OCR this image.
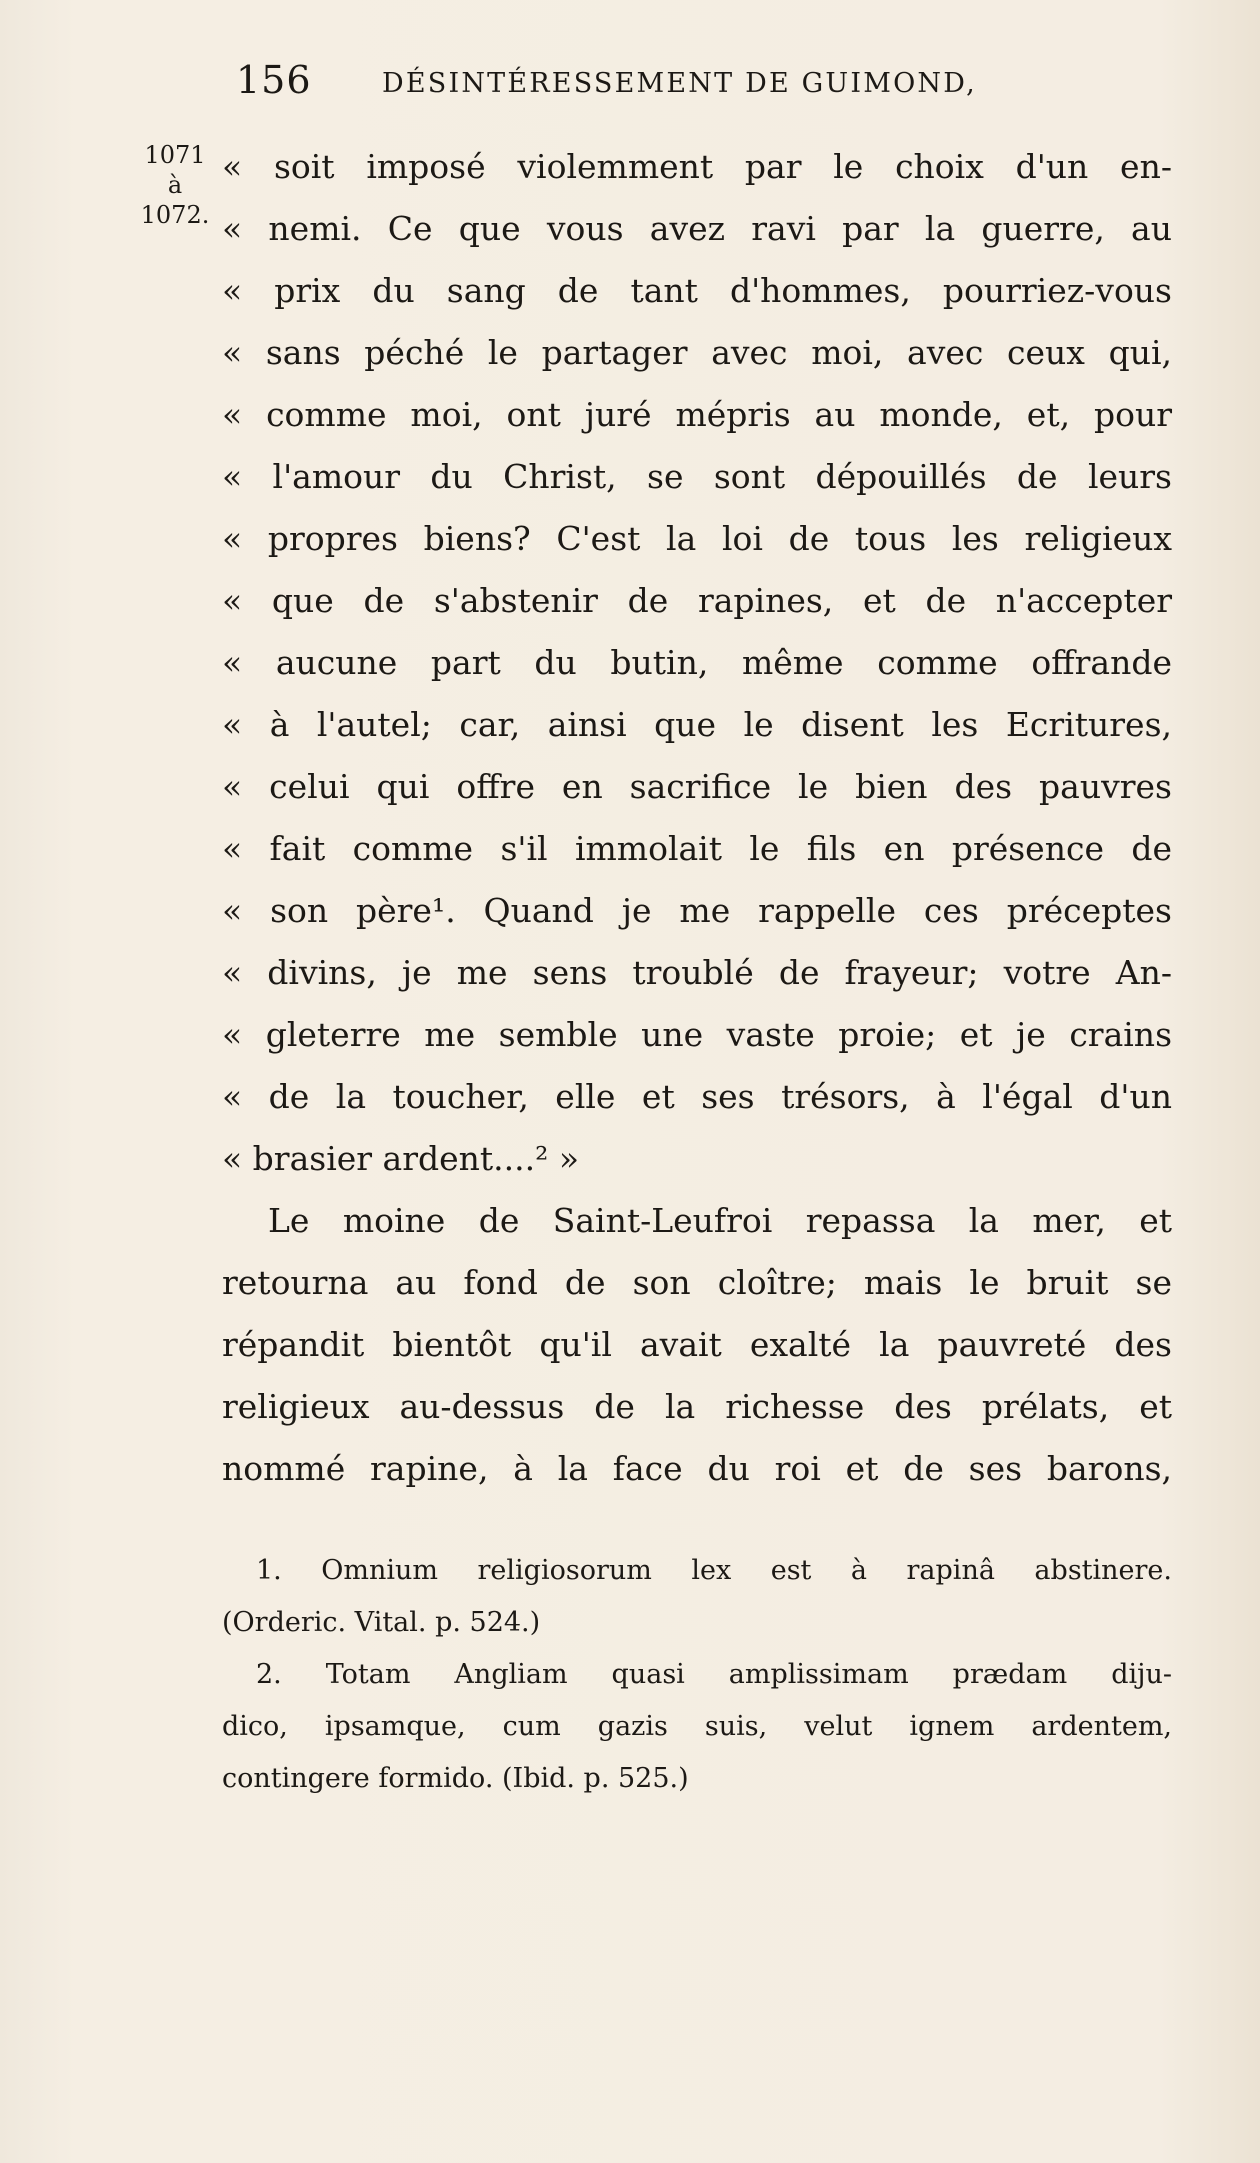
156	DÉSINTÉRESSEMENT DE GUIMOND,
1071
à
1072.
« soit imposé violemment par le choix d'un en-
« nemi. Ce que vous avez ravi par la guerre, au
« prix du sang de tant d'hommes, pourriez-vous
« sans péché le partager avec moi, avec ceux qui,
« comme moi, ont juré mépris au monde, et, pour
« l'amour du Christ, se sont dépouillés de leurs
« propres biens? C'est la loi de tous les religieux
« que de s'abstenir de rapines, et de n'accepter
« aucune part du butin, même comme offrande
« à l'autel; car, ainsi que le disent les Ecritures,
« celui qui offre en sacrifice le bien des pauvres
« fait comme s'il immolait le fils en présence de
« son père¹. Quand je me rappelle ces préceptes
« divins, je me sens troublé de frayeur; votre An-
« gleterre me semble une vaste proie; et je crains
« de la toucher, elle et ses trésors, à l'égal d'un
« brasier ardent....² »
Le moine de Saint-Leufroi repassa la mer, et
retourna au fond de son cloître; mais le bruit se
répandit bientôt qu'il avait exalté la pauvreté des
religieux au-dessus de la richesse des prélats, et
nommé rapine, à la face du roi et de ses barons,
1. Omnium religiosorum lex est à rapinâ abstinere.
(Orderic. Vital. p. 524.)
2. Totam Angliam quasi amplissimam prædam diju-
dico, ipsamque, cum gazis suis, velut ignem ardentem,
contingere formido. (Ibid. p. 525.)
